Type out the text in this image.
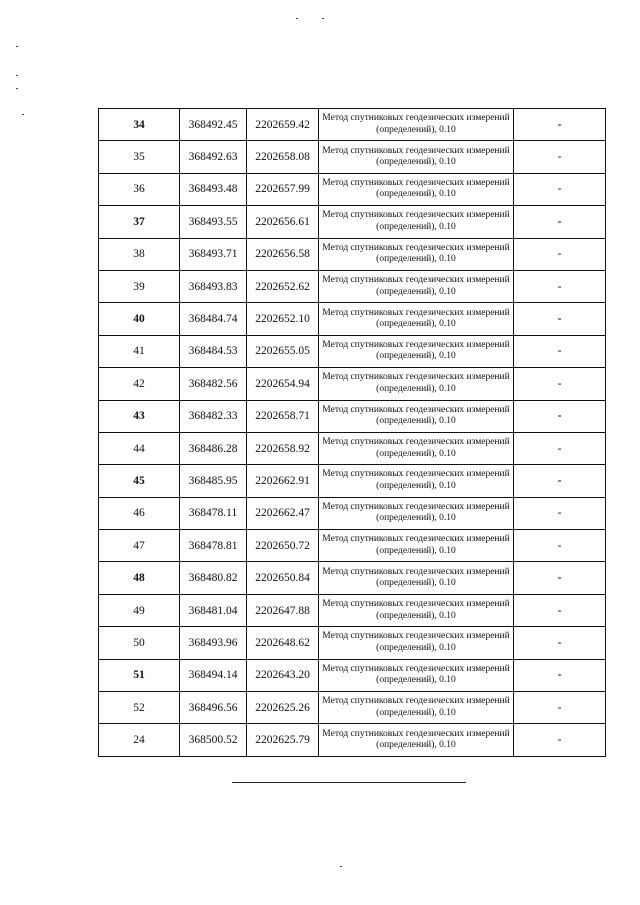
34	368492.45	2202659.42	Метод спутниковых геодезических измерений (определений), 0.10	-
35	368492.63	2202658.08	Метод спутниковых геодезических измерений (определений), 0.10	-
36	368493.48	2202657.99	Метод спутниковых геодезических измерений (определений), 0.10	-
37	368493.55	2202656.61	Метод спутниковых геодезических измерений (определений), 0.10	-
38	368493.71	2202656.58	Метод спутниковых геодезических измерений (определений), 0.10	-
39	368493.83	2202652.62	Метод спутниковых геодезических измерений (определений), 0.10	-
40	368484.74	2202652.10	Метод спутниковых геодезических измерений (определений), 0.10	-
41	368484.53	2202655.05	Метод спутниковых геодезических измерений (определений), 0.10	-
42	368482.56	2202654.94	Метод спутниковых геодезических измерений (определений), 0.10	-
43	368482.33	2202658.71	Метод спутниковых геодезических измерений (определений), 0.10	-
44	368486.28	2202658.92	Метод спутниковых геодезических измерений (определений), 0.10	-
45	368485.95	2202662.91	Метод спутниковых геодезических измерений (определений), 0.10	-
46	368478.11	2202662.47	Метод спутниковых геодезических измерений (определений), 0.10	-
47	368478.81	2202650.72	Метод спутниковых геодезических измерений (определений), 0.10	-
48	368480.82	2202650.84	Метод спутниковых геодезических измерений (определений), 0.10	-
49	368481.04	2202647.88	Метод спутниковых геодезических измерений (определений), 0.10	-
50	368493.96	2202648.62	Метод спутниковых геодезических измерений (определений), 0.10	-
51	368494.14	2202643.20	Метод спутниковых геодезических измерений (определений), 0.10	-
52	368496.56	2202625.26	Метод спутниковых геодезических измерений (определений), 0.10	-
24	368500.52	2202625.79	Метод спутниковых геодезических измерений (определений), 0.10	-
